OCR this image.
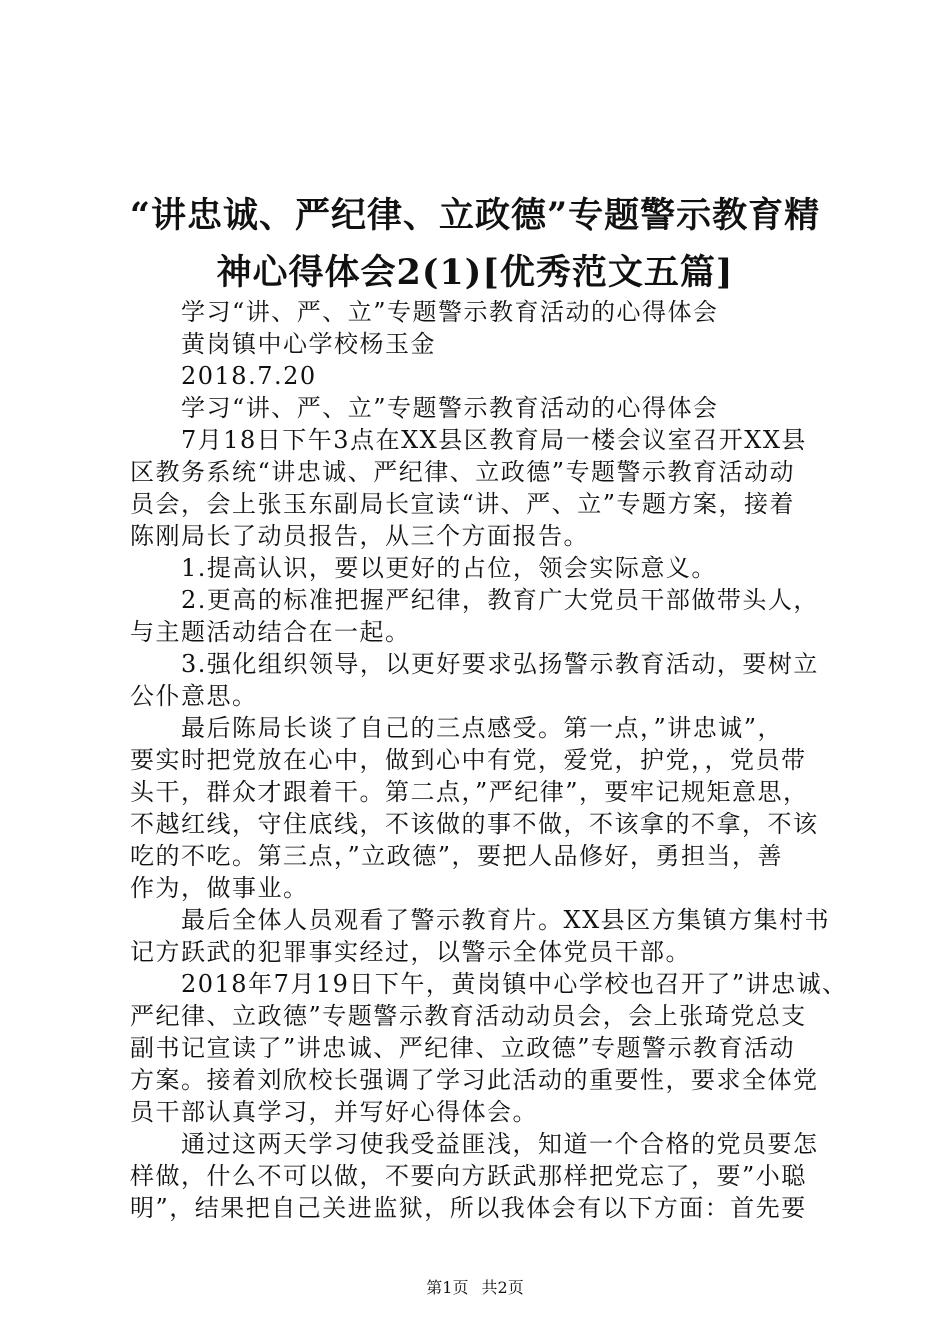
“讲忠诚、严纪律、立政德”专题警示教育精
神心得体会2(1)[优秀范文五篇]
学习“讲、严、立”专题警示教育活动的心得体会
黄岗镇中心学校杨玉金
2018.7.20
学习“讲、严、立”专题警示教育活动的心得体会
7月18日下午3点在XX县区教育局一楼会议室召开XX县
区教务系统“讲忠诚、严纪律、立政德”专题警示教育活动动
员会，会上张玉东副局长宣读“讲、严、立”专题方案，接着
陈刚局长了动员报告，从三个方面报告。
1.提高认识，要以更好的占位，领会实际意义。
2.更高的标准把握严纪律，教育广大党员干部做带头人，
与主题活动结合在一起。
3.强化组织领导，以更好要求弘扬警示教育活动，要树立
公仆意思。
最后陈局长谈了自己的三点感受。第一点，”讲忠诚”，
要实时把党放在心中，做到心中有党，爱党，护党，，党员带
头干，群众才跟着干。第二点，”严纪律”，要牢记规矩意思，
不越红线，守住底线，不该做的事不做，不该拿的不拿，不该
吃的不吃。第三点，”立政德”，要把人品修好，勇担当，善
作为，做事业。
最后全体人员观看了警示教育片。XX县区方集镇方集村书
记方跃武的犯罪事实经过，以警示全体党员干部。
2018年7月19日下午，黄岗镇中心学校也召开了”讲忠诚、
严纪律、立政德”专题警示教育活动动员会，会上张琦党总支
副书记宣读了”讲忠诚、严纪律、立政德”专题警示教育活动
方案。接着刘欣校长强调了学习此活动的重要性，要求全体党
员干部认真学习，并写好心得体会。
通过这两天学习使我受益匪浅，知道一个合格的党员要怎
样做，什么不可以做，不要向方跃武那样把党忘了，要”小聪
明”，结果把自己关进监狱，所以我体会有以下方面：首先要
第1页 共2页
